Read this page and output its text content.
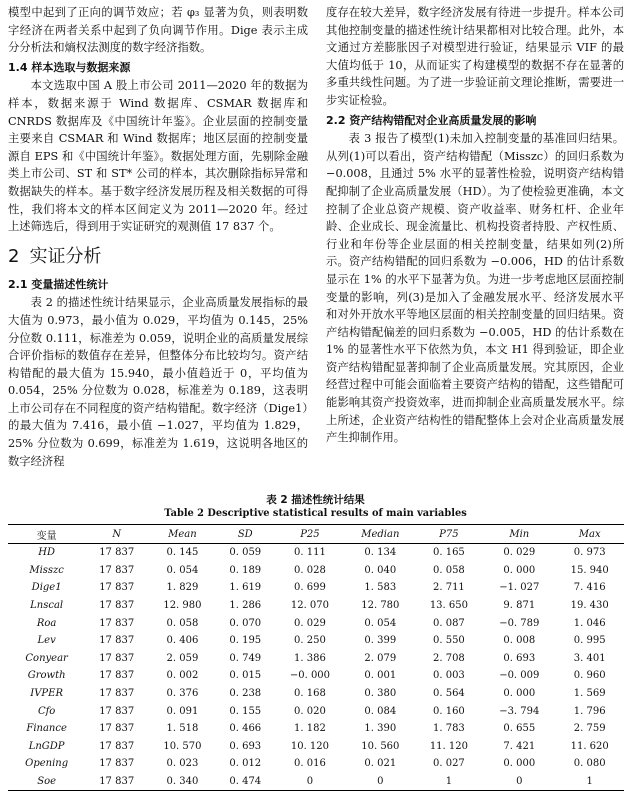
模型中起到了正向的调节效应；若 φ₃ 显著为负，则表明数字经济在两者关系中起到了负向调节作用。Dige 表示主成分分析法和熵权法测度的数字经济指数。

1.4 样本选取与数据来源

本文选取中国 A 股上市公司 2011—2020 年的数据为样本，数据来源于 Wind 数据库、CSMAR 数据库和 CNRDS 数据库及《中国统计年鉴》。企业层面的控制变量主要来自 CSMAR 和 Wind 数据库；地区层面的控制变量源自 EPS 和《中国统计年鉴》。数据处理方面，先剔除金融类上市公司、ST 和 ST* 公司的样本，其次删除指标异常和数据缺失的样本。基于数字经济发展历程及相关数据的可得性，我们将本文的样本区间定义为 2011—2020 年。经过上述筛选后，得到用于实证研究的观测值 17 837 个。

2 实证分析
2.1 变量描述性统计

表 2 的描述性统计结果显示，企业高质量发展指标的最大值为 0.973，最小值为 0.029，平均值为 0.145，25% 分位数 0.111，标准差为 0.059，说明企业的高质量发展综合评价指标的数值存在差异，但整体分布比较均匀。资产结构错配的最大值为 15.940，最小值趋近于 0，平均值为 0.054，25% 分位数为 0.028，标准差为 0.189，这表明上市公司存在不同程度的资产结构错配。数字经济（Dige1）的最大值为 7.416，最小值 −1.027，平均值为 1.829，25% 分位数为 0.699，标准差为 1.619，这说明各地区的数字经济程

度存在较大差异，数字经济发展有待进一步提升。样本公司其他控制变量的描述性统计结果都相对比较合理。此外，本文通过方差膨胀因子对模型进行验证，结果显示 VIF 的最大值均低于 10，从而证实了构建模型的数据不存在显著的多重共线性问题。为了进一步验证前文理论推断，需要进一步实证检验。

2.2 资产结构错配对企业高质量发展的影响

表 3 报告了模型(1)未加入控制变量的基准回归结果。从列(1)可以看出，资产结构错配（Misszc）的回归系数为 −0.008，且通过 5% 水平的显著性检验，说明资产结构错配抑制了企业高质量发展（HD）。为了使检验更准确，本文控制了企业总资产规模、资产收益率、财务杠杆、企业年龄、企业成长、现金流量比、机构投资者持股、产权性质、行业和年份等企业层面的相关控制变量，结果如列(2)所示。资产结构错配的回归系数为 −0.006，HD 的估计系数显示在 1% 的水平下显著为负。为进一步考虑地区层面控制变量的影响，列(3)是加入了金融发展水平、经济发展水平和对外开放水平等地区层面的相关控制变量的回归结果。资产结构错配偏差的回归系数为 −0.005，HD 的估计系数在 1% 的显著性水平下依然为负，本文 H1 得到验证，即企业资产结构错配显著抑制了企业高质量发展。究其原因，企业经营过程中可能会面临着主要资产结构的错配，这些错配可能影响其资产投资效率，进而抑制企业高质量发展水平。综上所述，企业资产结构性的错配整体上会对企业高质量发展产生抑制作用。

表 2 描述性统计结果
Table 2 Descriptive statistical results of main variables
变量	N	Mean	SD	P25	Median	P75	Min	Max
HD	17 837	0. 145	0. 059	0. 111	0. 134	0. 165	0. 029	0. 973
Misszc	17 837	0. 054	0. 189	0. 028	0. 040	0. 058	0. 000	15. 940
Dige1	17 837	1. 829	1. 619	0. 699	1. 583	2. 711	−1. 027	7. 416
Lnscal	17 837	12. 980	1. 286	12. 070	12. 780	13. 650	9. 871	19. 430
Roa	17 837	0. 058	0. 070	0. 029	0. 054	0. 087	−0. 789	1. 046
Lev	17 837	0. 406	0. 195	0. 250	0. 399	0. 550	0. 008	0. 995
Conyear	17 837	2. 059	0. 749	1. 386	2. 079	2. 708	0. 693	3. 401
Growth	17 837	0. 002	0. 015	−0. 000	0. 001	0. 003	−0. 009	0. 960
IVPER	17 837	0. 376	0. 238	0. 168	0. 380	0. 564	0. 000	1. 569
Cfo	17 837	0. 091	0. 155	0. 020	0. 084	0. 160	−3. 794	1. 796
Finance	17 837	1. 518	0. 466	1. 182	1. 390	1. 783	0. 655	2. 759
LnGDP	17 837	10. 570	0. 693	10. 120	10. 560	11. 120	7. 421	11. 620
Opening	17 837	0. 023	0. 012	0. 016	0. 021	0. 027	0. 000	0. 080
Soe	17 837	0. 340	0. 474	0	0	1	0	1
